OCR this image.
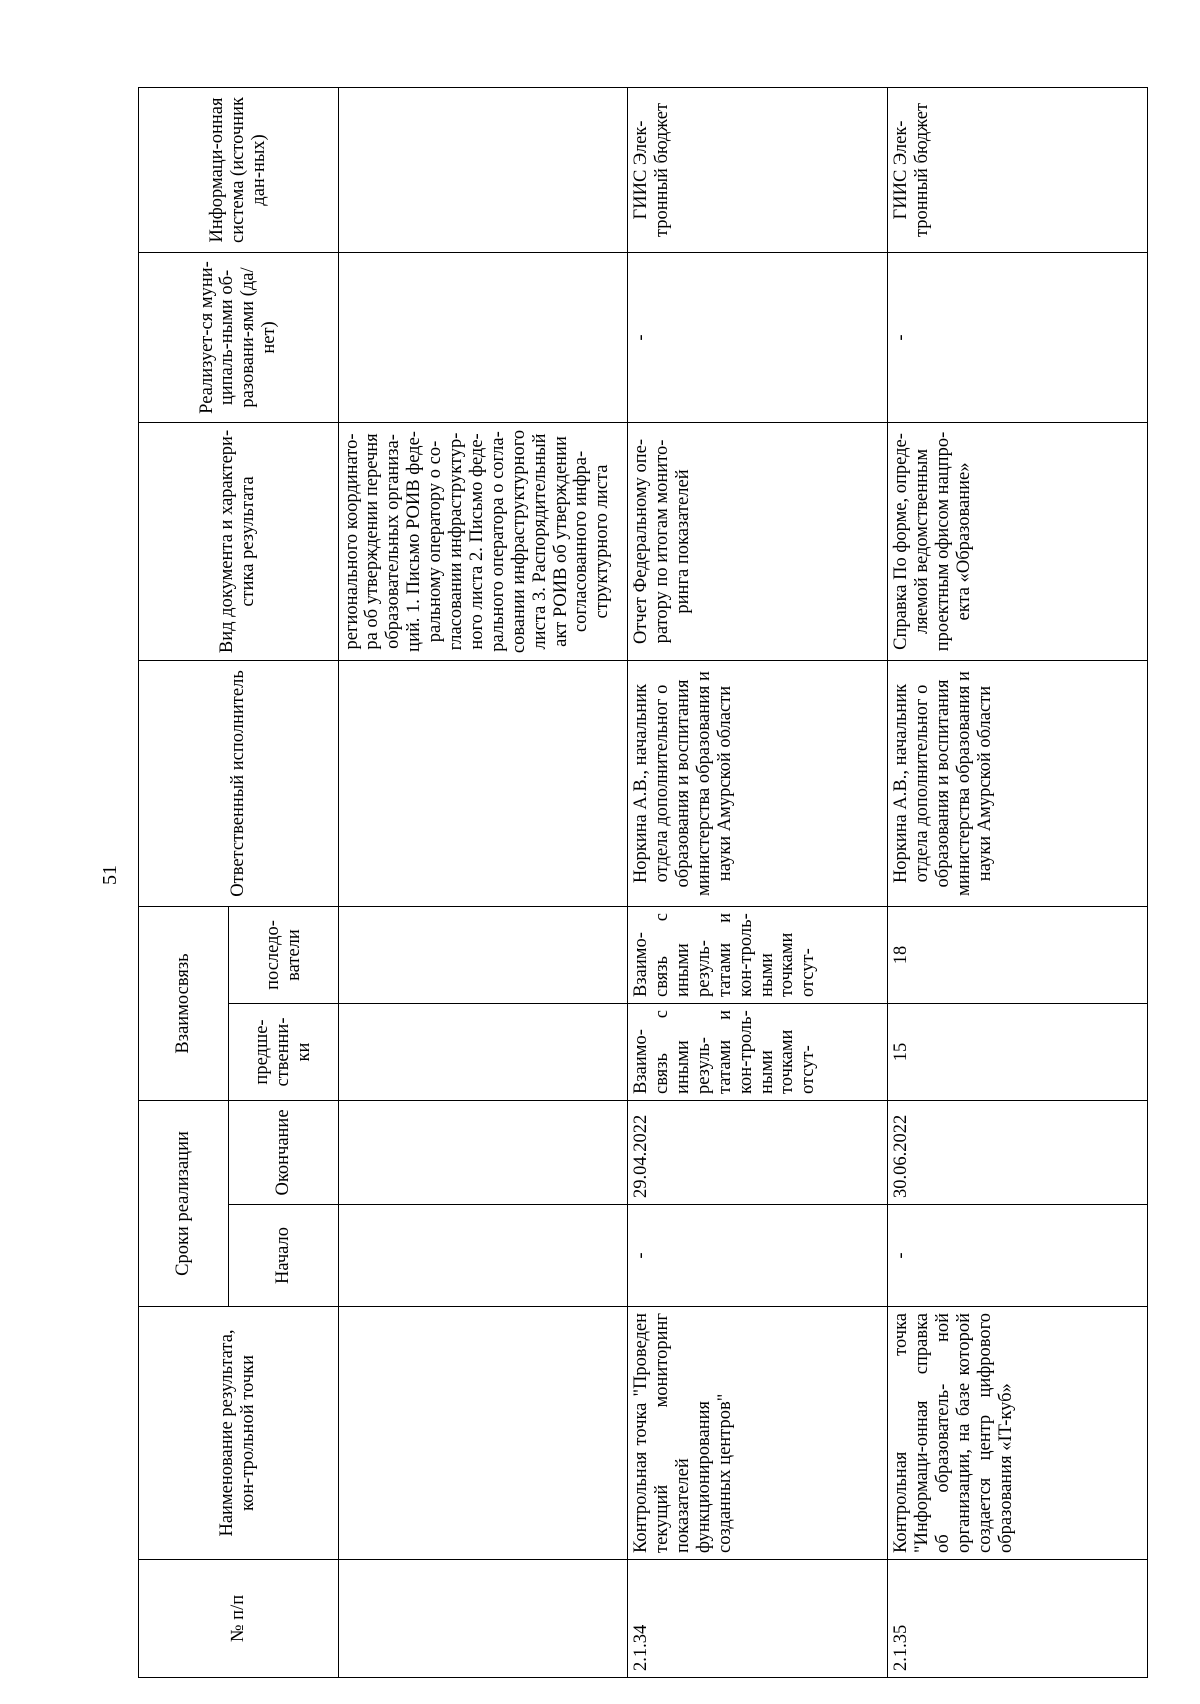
51
№ п/п	Наименование результата, кон-трольной точки	Сроки реализации		Взаимосвязь		Ответственный исполнитель	Вид документа и характери-стика результата	Реализует-ся муни-ципаль-ными об-разовани-ями (да/нет)	Информаци-онная система (источник дан-ных)
		Начало	Окончание	предше-ственни-ки	последо-ватели				
							регионального координато-ра об утверждении перечня образовательных организа-ций. 1. Письмо РОИВ феде-ральному оператору о со-гласовании инфраструктур-ного листа 2. Письмо феде-рального оператора о согла-совании инфраструктурного листа 3. Распорядительный акт РОИВ об утверждении согласованного инфра-структурного листа		
2.1.34	Контрольная точка "Проведен текущий мониторинг показателей функционирования созданных центров"	-	29.04.2022	Взаимо-связь с иными резуль-татами и кон-троль-ными точками отсут-	Взаимо-связь с иными резуль-татами и кон-троль-ными точками отсут-	Норкина А.В., начальник отдела дополнительног о образования и воспитания министерства образования и науки Амурской области	Отчет Федеральному опе-ратору по итогам монито-ринга показателей	-	ГИИС Элек-тронный бюджет
2.1.35	Контрольная точка "Информаци-онная справка об образователь- ной организации, на базе которой создается центр цифрового образования «IT-куб»	-	30.06.2022	15	18	Норкина А.В., начальник отдела дополнительног о образования и воспитания министерства образования и науки Амурской области	Справка По форме, опреде-ляемой ведомственным проектным офисом нацпро-екта «Образование»	-	ГИИС Элек-тронный бюджет
